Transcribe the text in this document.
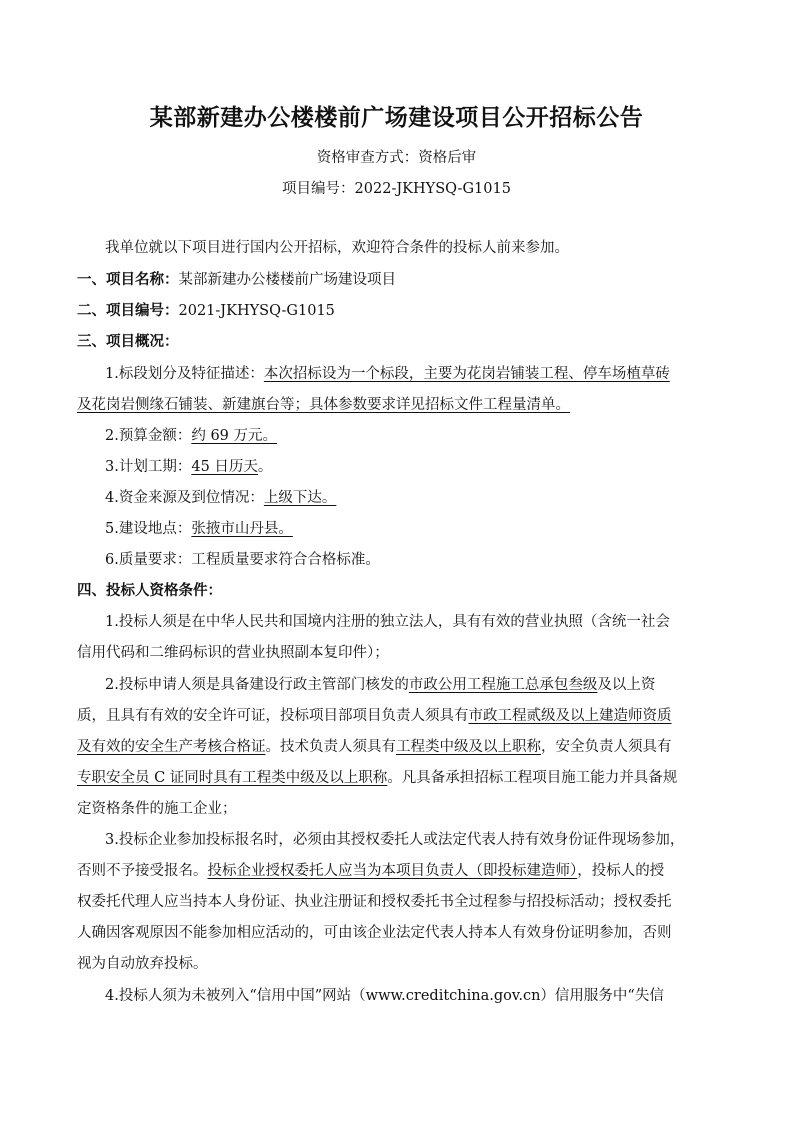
某部新建办公楼楼前广场建设项目公开招标公告

资格审查方式：资格后审

项目编号：2022-JKHYSQ-G1015

我单位就以下项目进行国内公开招标，欢迎符合条件的投标人前来参加。

一、项目名称：某部新建办公楼楼前广场建设项目

二、项目编号：2021-JKHYSQ-G1015

三、项目概况：

1.标段划分及特征描述：本次招标设为一个标段，主要为花岗岩铺装工程、停车场植草砖

及花岗岩侧缘石铺装、新建旗台等；具体参数要求详见招标文件工程量清单。

2.预算金额：约 69 万元。

3.计划工期：45 日历天。

4.资金来源及到位情况：上级下达。

5.建设地点：张掖市山丹县。

6.质量要求：工程质量要求符合合格标准。

四、投标人资格条件：

1.投标人须是在中华人民共和国境内注册的独立法人，具有有效的营业执照（含统一社会

信用代码和二维码标识的营业执照副本复印件）；

2.投标申请人须是具备建设行政主管部门核发的市政公用工程施工总承包叁级及以上资

质，且具有有效的安全许可证，投标项目部项目负责人须具有市政工程贰级及以上建造师资质

及有效的安全生产考核合格证。技术负责人须具有工程类中级及以上职称，安全负责人须具有

专职安全员 C 证同时具有工程类中级及以上职称。凡具备承担招标工程项目施工能力并具备规

定资格条件的施工企业；

3.投标企业参加投标报名时，必须由其授权委托人或法定代表人持有效身份证件现场参加，

否则不予接受报名。投标企业授权委托人应当为本项目负责人（即投标建造师），投标人的授

权委托代理人应当持本人身份证、执业注册证和授权委托书全过程参与招投标活动；授权委托

人确因客观原因不能参加相应活动的，可由该企业法定代表人持本人有效身份证明参加，否则

视为自动放弃投标。

4.投标人须为未被列入“信用中国”网站（www.creditchina.gov.cn）信用服务中“失信
